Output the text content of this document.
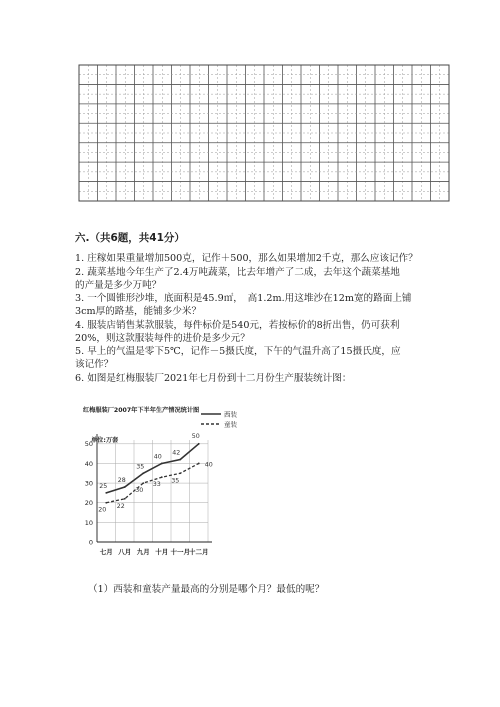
六.（共6题，共41分）
1. 庄稼如果重量增加500克，记作＋500，那么如果增加2千克，那么应该记作？
2. 蔬菜基地今年生产了2.4万吨蔬菜，比去年增产了二成，去年这个蔬菜基地
的产量是多少万吨？
3. 一个圆锥形沙堆，底面积是45.9㎡，　高1.2m.用这堆沙在12m宽的路面上铺
3cm厚的路基，能铺多少米？
4. 服装店销售某款服装，每件标价是540元，若按标价的8折出售，仍可获利
20%，则这款服装每件的进价是多少元？
5. 早上的气温是零下5℃，记作－5摄氏度，下午的气温升高了15摄氏度，应
该记作？
6. 如图是红梅服装厂2021年七月份到十二月份生产服装统计图：
红梅服装厂2007年下半年生产情况统计图
单位:万套
0
10
20
30
40
50
七月 八月 九月 十月 十一月 十二月
25
28
35
40
42
50
20
22
30
33
35
40
西装
童装
（1）西装和童装产量最高的分别是哪个月？最低的呢？
